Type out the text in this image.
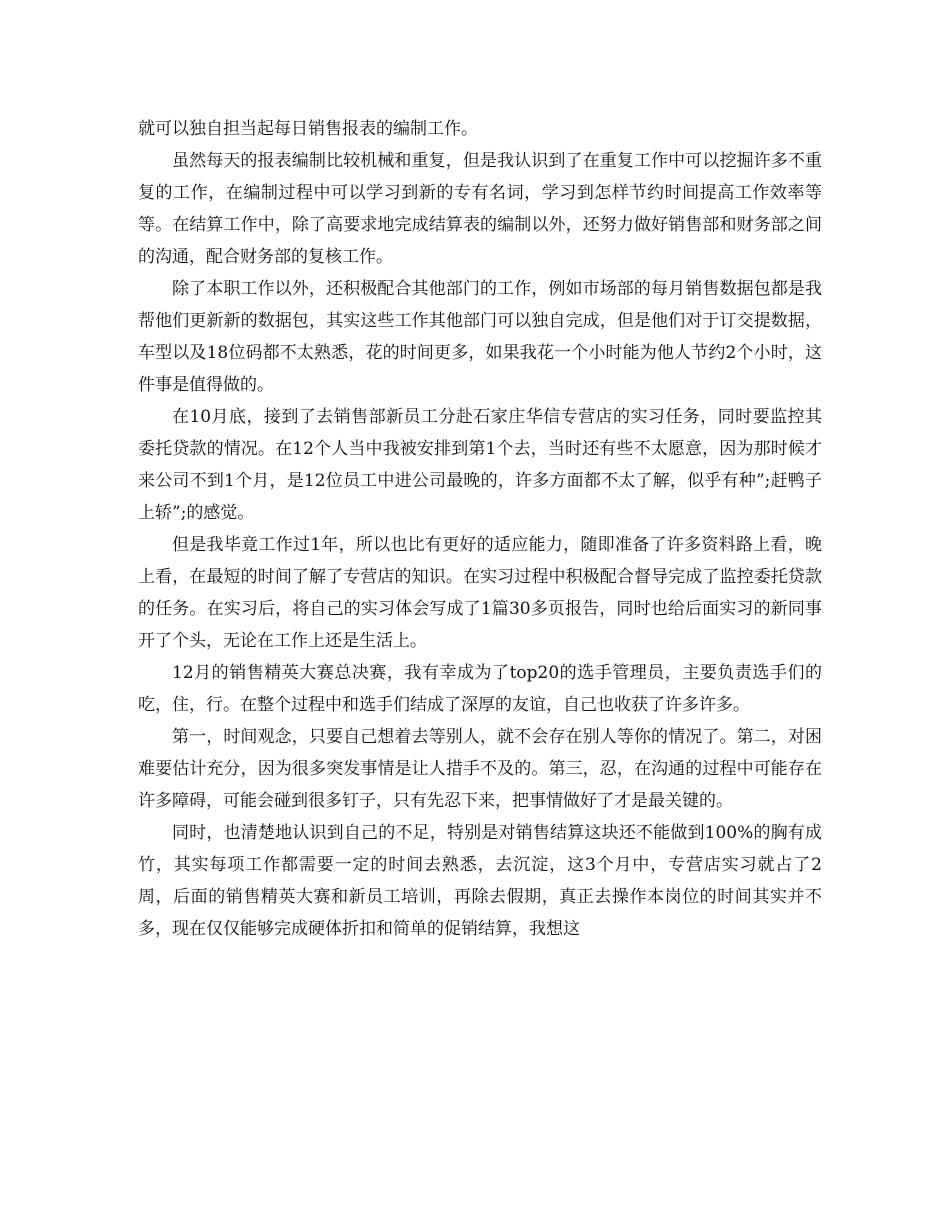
就可以独自担当起每日销售报表的编制工作。

虽然每天的报表编制比较机械和重复，但是我认识到了在重复工作中可以挖掘许多不重复的工作，在编制过程中可以学习到新的专有名词，学习到怎样节约时间提高工作效率等等。在结算工作中，除了高要求地完成结算表的编制以外，还努力做好销售部和财务部之间的沟通，配合财务部的复核工作。

除了本职工作以外，还积极配合其他部门的工作，例如市场部的每月销售数据包都是我帮他们更新新的数据包，其实这些工作其他部门可以独自完成，但是他们对于订交提数据，车型以及18位码都不太熟悉，花的时间更多，如果我花一个小时能为他人节约2个小时，这件事是值得做的。

在10月底，接到了去销售部新员工分赴石家庄华信专营店的实习任务，同时要监控其委托贷款的情况。在12个人当中我被安排到第1个去，当时还有些不太愿意，因为那时候才来公司不到1个月，是12位员工中进公司最晚的，许多方面都不太了解，似乎有种”;赶鸭子上轿”;的感觉。

但是我毕竟工作过1年，所以也比有更好的适应能力，随即准备了许多资料路上看，晚上看，在最短的时间了解了专营店的知识。在实习过程中积极配合督导完成了监控委托贷款的任务。在实习后，将自己的实习体会写成了1篇30多页报告，同时也给后面实习的新同事开了个头，无论在工作上还是生活上。

12月的销售精英大赛总决赛，我有幸成为了top20的选手管理员，主要负责选手们的吃，住，行。在整个过程中和选手们结成了深厚的友谊，自己也收获了许多许多。

第一，时间观念，只要自己想着去等别人，就不会存在别人等你的情况了。第二，对困难要估计充分，因为很多突发事情是让人措手不及的。第三，忍，在沟通的过程中可能存在许多障碍，可能会碰到很多钉子，只有先忍下来，把事情做好了才是最关键的。

同时，也清楚地认识到自己的不足，特别是对销售结算这块还不能做到100%的胸有成竹，其实每项工作都需要一定的时间去熟悉，去沉淀，这3个月中，专营店实习就占了2周，后面的销售精英大赛和新员工培训，再除去假期，真正去操作本岗位的时间其实并不多，现在仅仅能够完成硬体折扣和简单的促销结算，我想这
